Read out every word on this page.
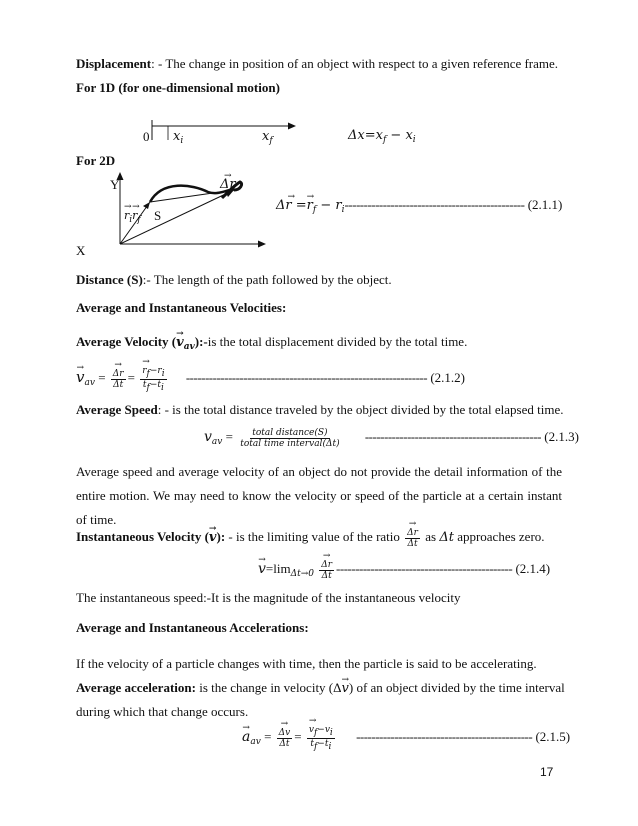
Displacement: - The change in position of an object with respect to a given reference frame.
For 1D (for one-dimensional motion)
0 $x_i$	$x_f$	$\Delta x=x_f - x_i$
For 2D
Y
X
S
→ Δr
→ $r_i\to r_f$
→ $\Delta r =\to r_f - r_i-----------------------------------------------$ (2.1.1)
Distance (S):- The length of the path followed by the object.
Average and Instantaneous Velocities:
Average Velocity (→ $v_{av}):-is$ the total displacement divided by the total time.
→ $v_{av}$ =
→ $\frac{\Delta r}{\Delta t}$ =
→ $\frac{rf-ri}{tf-ti}$ --------------------------------------------------------------- (2.1.2)
Average Speed: - is the total distance traveled by the object divided by the total elapsed time.
$v_{av} = \frac{\text{total distance(S)}}{\text{total time interval(Δt)}}$ ---------------------------------------------- (2.1.3)
Average speed and average velocity of an object do not provide the detail information of the entire motion. We may need to know the velocity or speed of the particle at a certain instant of time.
Instantaneous Velocity (→ v): - is the limiting value of the ratio
→ $\frac{\Delta r}{\Delta t}$ as Δt approaches zero.
→ $v=\lim_{\Delta t\to 0}$
→ $\frac{\Delta r}{\Delta t}$ ---------------------------------------------- (2.1.4)
The instantaneous speed:-It is the magnitude of the instantaneous velocity
Average and Instantaneous Accelerations:
If the velocity of a particle changes with time, then the particle is said to be accelerating.
Average acceleration: is the change in velocity (Δ→ v) of an object divided by the time interval
during which that change occurs.
→ $a_{av}$ =
→ $\frac{\Delta v}{\Delta t}$ =
→ $\frac{vf-vi}{tf-ti}$ ---------------------------------------------- (2.1.5)
17
